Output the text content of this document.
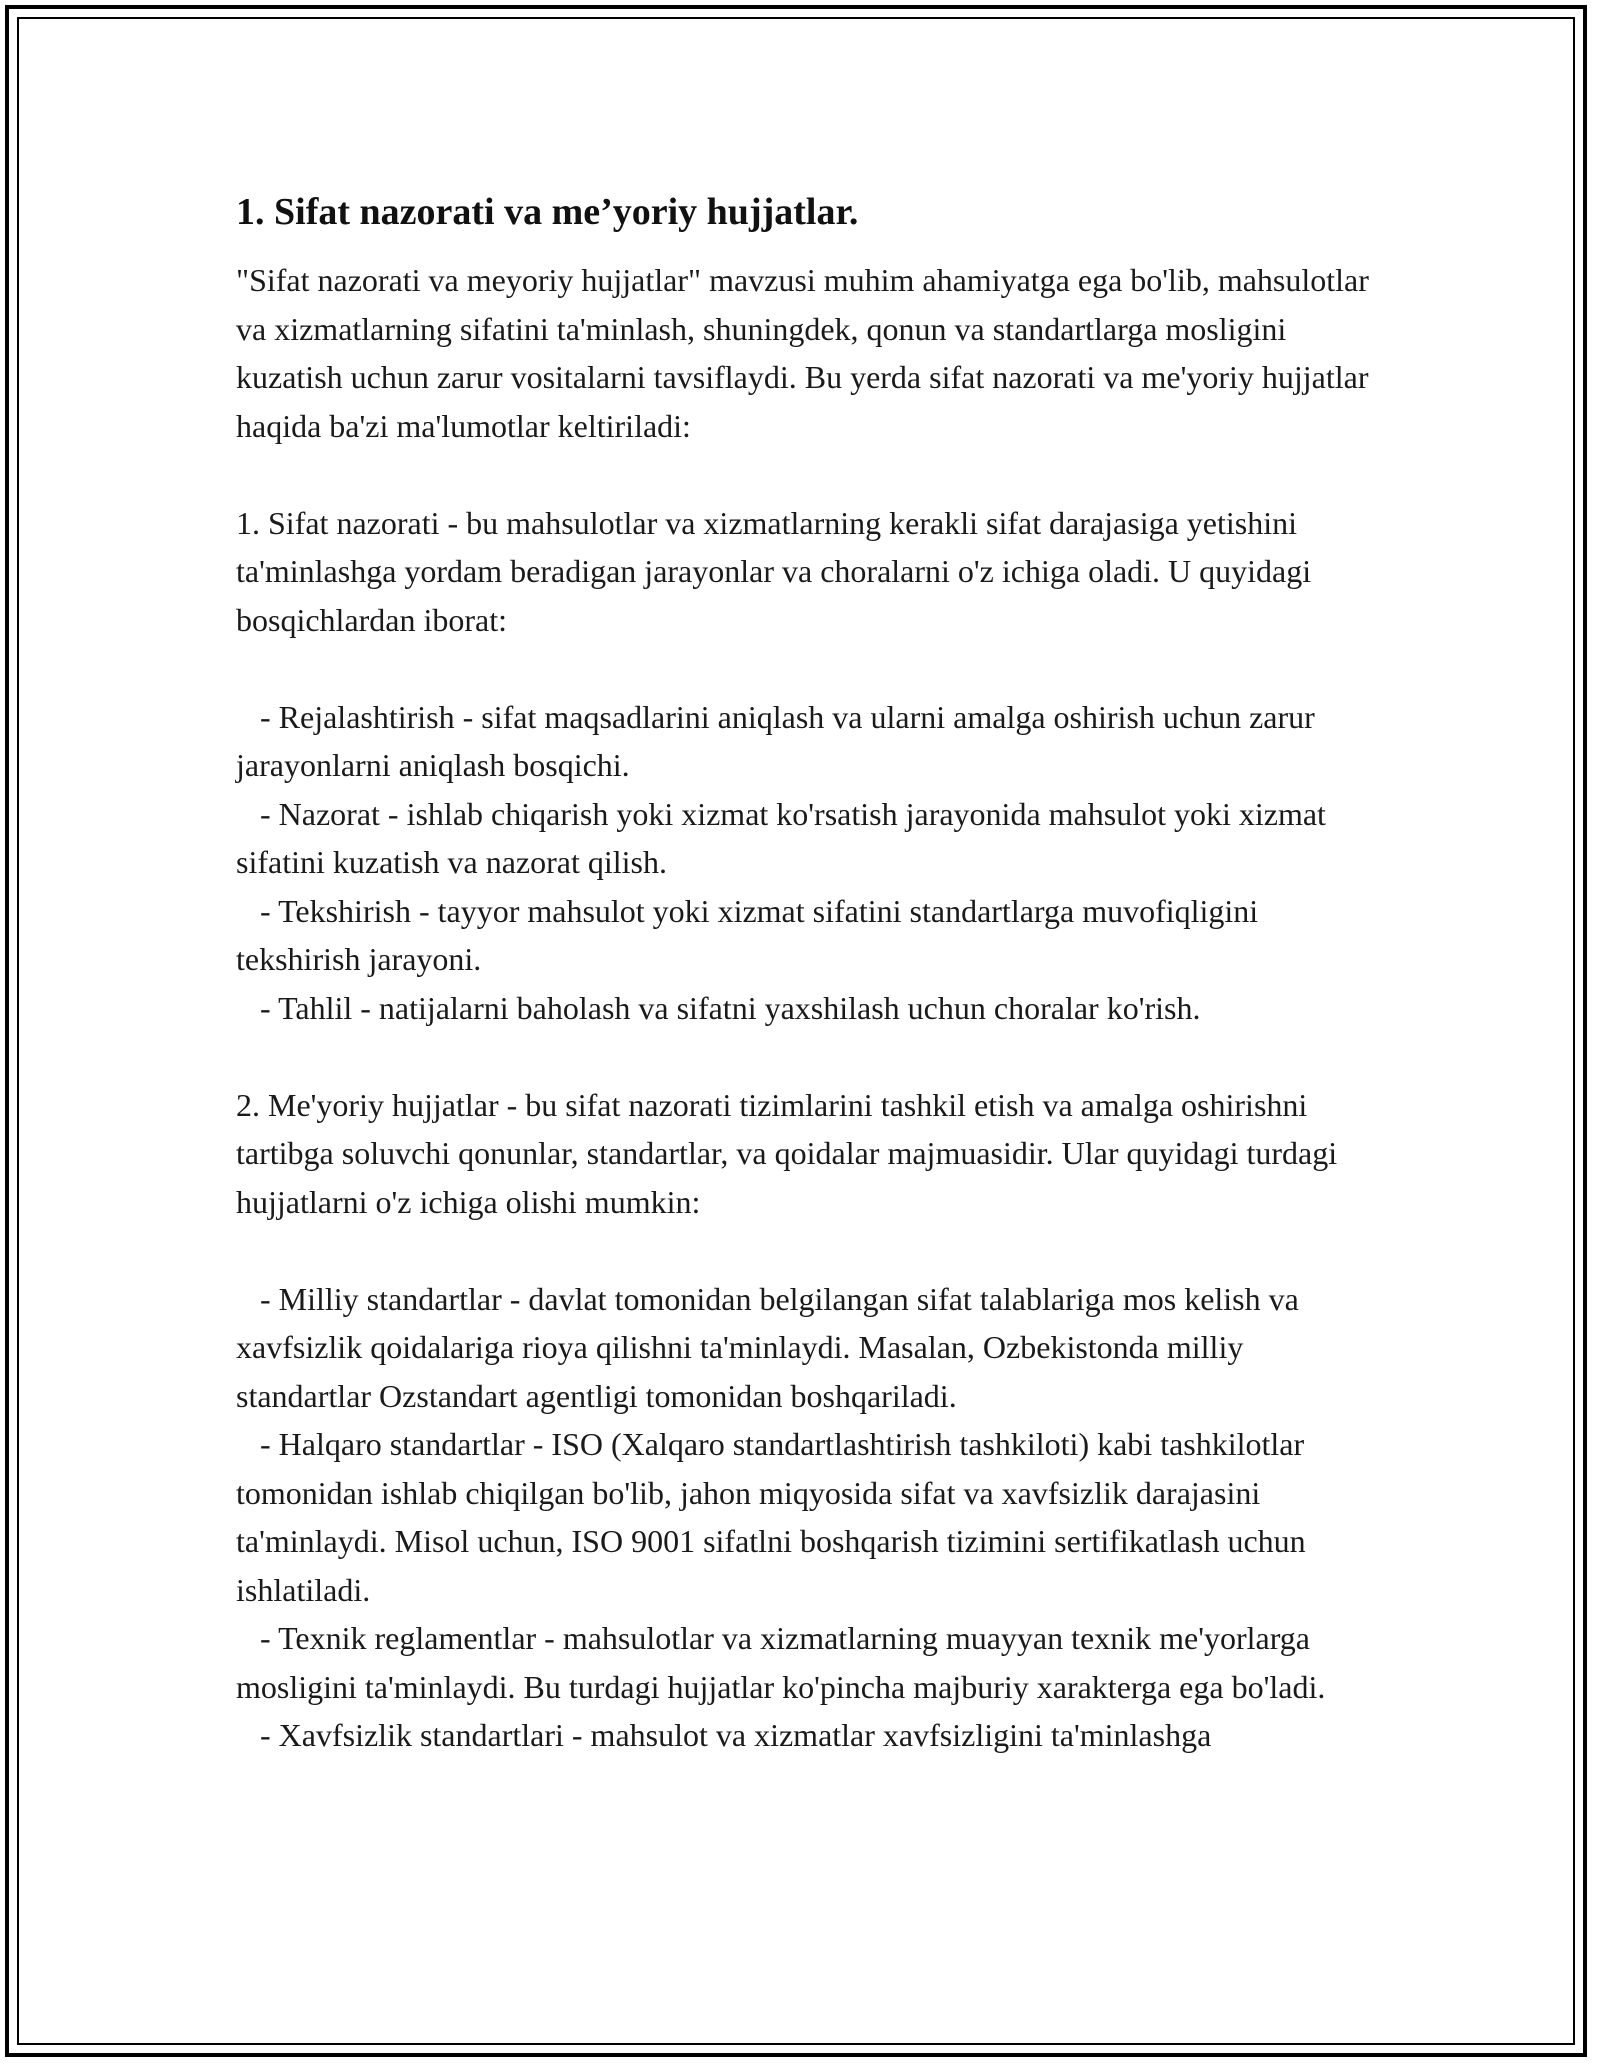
1. Sifat nazorati va me’yoriy hujjatlar.

"Sifat nazorati va meyoriy hujjatlar" mavzusi muhim ahamiyatga ega bo'lib, mahsulotlar va xizmatlarning sifatini ta'minlash, shuningdek, qonun va standartlarga mosligini kuzatish uchun zarur vositalarni tavsiflaydi. Bu yerda sifat nazorati va me'yoriy hujjatlar haqida ba'zi ma'lumotlar keltiriladi:

1. Sifat nazorati - bu mahsulotlar va xizmatlarning kerakli sifat darajasiga yetishini ta'minlashga yordam beradigan jarayonlar va choralarni o'z ichiga oladi. U quyidagi bosqichlardan iborat:

- Rejalashtirish - sifat maqsadlarini aniqlash va ularni amalga oshirish uchun zarur jarayonlarni aniqlash bosqichi.

- Nazorat - ishlab chiqarish yoki xizmat ko'rsatish jarayonida mahsulot yoki xizmat sifatini kuzatish va nazorat qilish.

- Tekshirish - tayyor mahsulot yoki xizmat sifatini standartlarga muvofiqligini tekshirish jarayoni.

- Tahlil - natijalarni baholash va sifatni yaxshilash uchun choralar ko'rish.

2. Me'yoriy hujjatlar - bu sifat nazorati tizimlarini tashkil etish va amalga oshirishni tartibga soluvchi qonunlar, standartlar, va qoidalar majmuasidir. Ular quyidagi turdagi hujjatlarni o'z ichiga olishi mumkin:

- Milliy standartlar - davlat tomonidan belgilangan sifat talablariga mos kelish va xavfsizlik qoidalariga rioya qilishni ta'minlaydi. Masalan, Ozbekistonda milliy standartlar Ozstandart agentligi tomonidan boshqariladi.

- Halqaro standartlar - ISO (Xalqaro standartlashtirish tashkiloti) kabi tashkilotlar tomonidan ishlab chiqilgan bo'lib, jahon miqyosida sifat va xavfsizlik darajasini ta'minlaydi. Misol uchun, ISO 9001 sifatlni boshqarish tizimini sertifikatlash uchun ishlatiladi.

- Texnik reglamentlar - mahsulotlar va xizmatlarning muayyan texnik me'yorlarga mosligini ta'minlaydi. Bu turdagi hujjatlar ko'pincha majburiy xarakterga ega bo'ladi.

- Xavfsizlik standartlari - mahsulot va xizmatlar xavfsizligini ta'minlashga
